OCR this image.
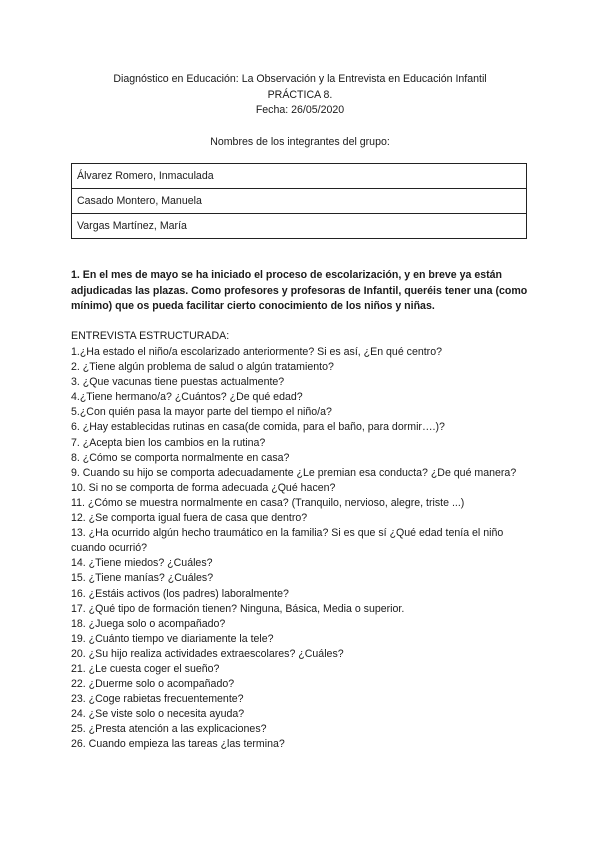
Diagnóstico en Educación: La Observación y la Entrevista en Educación Infantil
PRÁCTICA 8.
Fecha: 26/05/2020
Nombres de los integrantes del grupo:
Álvarez Romero, Inmaculada
Casado Montero, Manuela
Vargas Martínez, María
1. En el mes de mayo se ha iniciado el proceso de escolarización, y en breve ya están adjudicadas las plazas. Como profesores y profesoras de Infantil, queréis tener una (como mínimo) que os pueda facilitar cierto conocimiento de los niños y niñas.
ENTREVISTA ESTRUCTURADA:
1.¿Ha estado el niño/a escolarizado anteriormente? Si es así, ¿En qué centro?
2. ¿Tiene algún problema de salud o algún tratamiento?
3. ¿Que vacunas tiene puestas actualmente?
4.¿Tiene hermano/a? ¿Cuántos? ¿De qué edad?
5.¿Con quién pasa la mayor parte del tiempo el niño/a?
6. ¿Hay establecidas rutinas en casa(de comida, para el baño, para dormir….)?
7. ¿Acepta bien los cambios en la rutina?
8. ¿Cómo se comporta normalmente en casa?
9. Cuando su hijo se comporta adecuadamente ¿Le premian esa conducta? ¿De qué manera?
10. Si no se comporta de forma adecuada ¿Qué hacen?
11. ¿Cómo se muestra normalmente en casa? (Tranquilo, nervioso, alegre, triste ...)
12. ¿Se comporta igual fuera de casa que dentro?
13. ¿Ha ocurrido algún hecho traumático en la familia? Si es que sí ¿Qué edad tenía el niño cuando ocurrió?
14. ¿Tiene miedos? ¿Cuáles?
15. ¿Tiene manías? ¿Cuáles?
16. ¿Estáis activos (los padres) laboralmente?
17. ¿Qué tipo de formación tienen? Ninguna, Básica, Media o superior.
18. ¿Juega solo o acompañado?
19. ¿Cuánto tiempo ve diariamente la tele?
20. ¿Su hijo realiza actividades extraescolares? ¿Cuáles?
21. ¿Le cuesta coger el sueño?
22. ¿Duerme solo o acompañado?
23. ¿Coge rabietas frecuentemente?
24. ¿Se viste solo o necesita ayuda?
25. ¿Presta atención a las explicaciones?
26. Cuando empieza las tareas ¿las termina?
